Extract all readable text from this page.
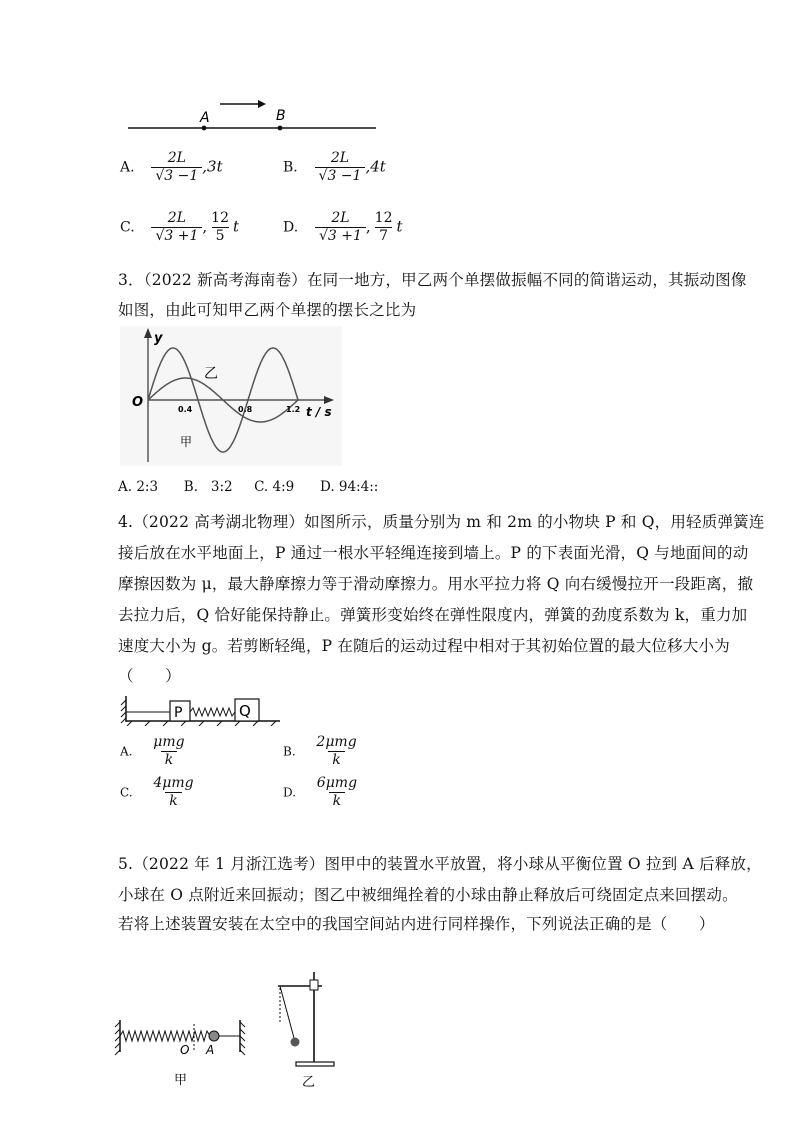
A	B
A. $\frac{2L}{√3 -1} ,3t$	B. $\frac{2L}{√3 -1} ,4t$
C. $\frac{2L}{√3 +1}$ , $\frac{12}{5}$ t	D. $\frac{2L}{√3 +1}$ , $\frac{12}{7}$ t
3．（2022 新高考海南卷）在同一地方，甲乙两个单摆做振幅不同的简谐运动，其振动图像
如图，由此可知甲乙两个单摆的摆长之比为
y
O
t / s
0.4	0.8	1.2
乙
甲
A. 2:3      B.   3:2     C. 4:9      D. 94:4::
4.（2022 高考湖北物理）如图所示，质量分别为 m 和 2m 的小物块 P 和 Q，用轻质弹簧连
接后放在水平地面上，P 通过一根水平轻绳连接到墙上。P 的下表面光滑，Q 与地面间的动
摩擦因数为 μ，最大静摩擦力等于滑动摩擦力。用水平拉力将 Q 向右缓慢拉开一段距离，撤
去拉力后，Q 恰好能保持静止。弹簧形变始终在弹性限度内，弹簧的劲度系数为 k，重力加
速度大小为 g。若剪断轻绳，P 在随后的运动过程中相对于其初始位置的最大位移大小为
（　　）
P	Q
A. $\frac{\text{μmg}}{k}$	B. $\frac{\text{2μmg}}{k}$
C. $\frac{\text{4μmg}}{k}$	D. $\frac{\text{6μmg}}{k}$
5.（2022 年 1 月浙江选考）图甲中的装置水平放置，将小球从平衡位置 O 拉到 A 后释放，
小球在 O 点附近来回振动；图乙中被细绳拴着的小球由静止释放后可绕固定点来回摆动。
若将上述装置安装在太空中的我国空间站内进行同样操作，下列说法正确的是（　　）
O A
甲	乙
